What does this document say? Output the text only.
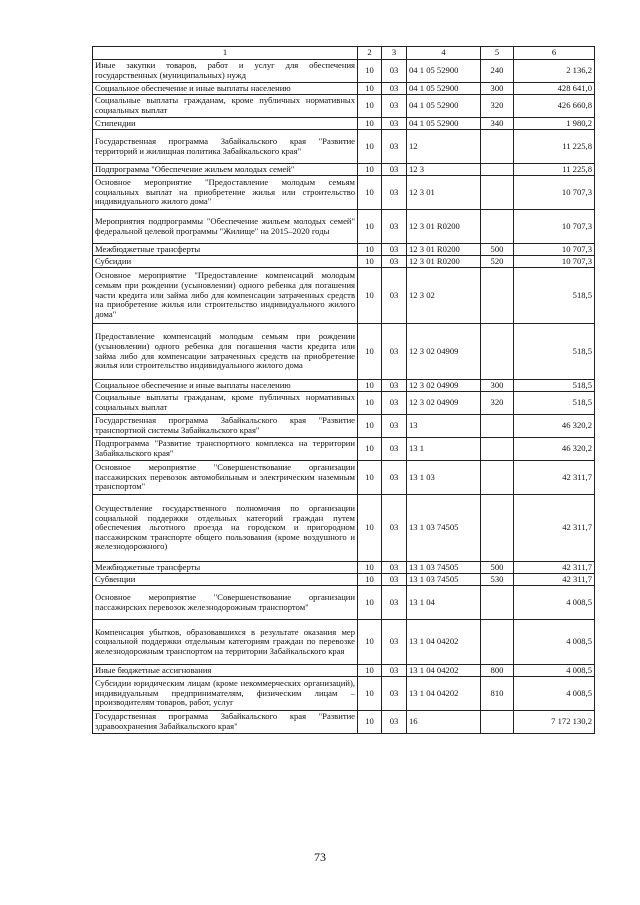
1	2	3	4	5	6
Иные закупки товаров, работ и услуг для обеспечения государственных (муниципальных) нужд	10	03	04 1 05 52900	240	2 136,2
Социальное обеспечение и иные выплаты населению	10	03	04 1 05 52900	300	428 641,0
Социальные выплаты гражданам, кроме публичных нормативных социальных выплат	10	03	04 1 05 52900	320	426 660,8
Стипендии	10	03	04 1 05 52900	340	1 980,2
Государственная программа Забайкальского края "Развитие территорий и жилищная политика Забайкальского края"	10	03	12		11 225,8
Подпрограмма "Обеспечение жильем молодых семей"	10	03	12 3		11 225,8
Основное мероприятие "Предоставление молодым семьям социальных выплат на приобретение жилья или строительство индивидуального жилого дома"	10	03	12 3 01		10 707,3
Мероприятия подпрограммы "Обеспечение жильем молодых семей" федеральной целевой программы "Жилище" на 2015–2020 годы	10	03	12 3 01 R0200		10 707,3
Межбюджетные трансферты	10	03	12 3 01 R0200	500	10 707,3
Субсидии	10	03	12 3 01 R0200	520	10 707,3
Основное мероприятие "Предоставление компенсаций молодым семьям при рождении (усыновлении) одного ребенка для погашения части кредита или займа либо для компенсации затраченных средств на приобретение жилья или строительство индивидуального жилого дома"	10	03	12 3 02		518,5
Предоставление компенсаций молодым семьям при рождении (усыновлении) одного ребенка для погашения части кредита или займа либо для компенсации затраченных средств на приобретение жилья или строительство индивидуального жилого дома	10	03	12 3 02 04909		518,5
Социальное обеспечение и иные выплаты населению	10	03	12 3 02 04909	300	518,5
Социальные выплаты гражданам, кроме публичных нормативных социальных выплат	10	03	12 3 02 04909	320	518,5
Государственная программа Забайкальского края "Развитие транспортной системы Забайкальского края"	10	03	13		46 320,2
Подпрограмма "Развитие транспортного комплекса на территории Забайкальского края"	10	03	13 1		46 320,2
Основное мероприятие "Совершенствование организации пассажирских перевозок автомобильным и электрическим наземным транспортом"	10	03	13 1 03		42 311,7
Осуществление государственного полномочия по организации социальной поддержки отдельных категорий граждан путем обеспечения льготного проезда на городском и пригородном пассажирском транспорте общего пользования (кроме воздушного и железнодорожного)	10	03	13 1 03 74505		42 311,7
Межбюджетные трансферты	10	03	13 1 03 74505	500	42 311,7
Субвенции	10	03	13 1 03 74505	530	42 311,7
Основное мероприятие "Совершенствование организации пассажирских перевозок железнодорожным транспортом"	10	03	13 1 04		4 008,5
Компенсация убытков, образовавшихся в результате оказания мер социальной поддержки отдельным категориям граждан по перевозке железнодорожным транспортом на территории Забайкальского края	10	03	13 1 04 04202		4 008,5
Иные бюджетные ассигнования	10	03	13 1 04 04202	800	4 008,5
Субсидии юридическим лицам (кроме некоммерческих организаций), индивидуальным предпринимателям, физическим лицам – производителям товаров, работ, услуг	10	03	13 1 04 04202	810	4 008,5
Государственная программа Забайкальского края "Развитие здравоохранения Забайкальского края"	10	03	16		7 172 130,2
73
